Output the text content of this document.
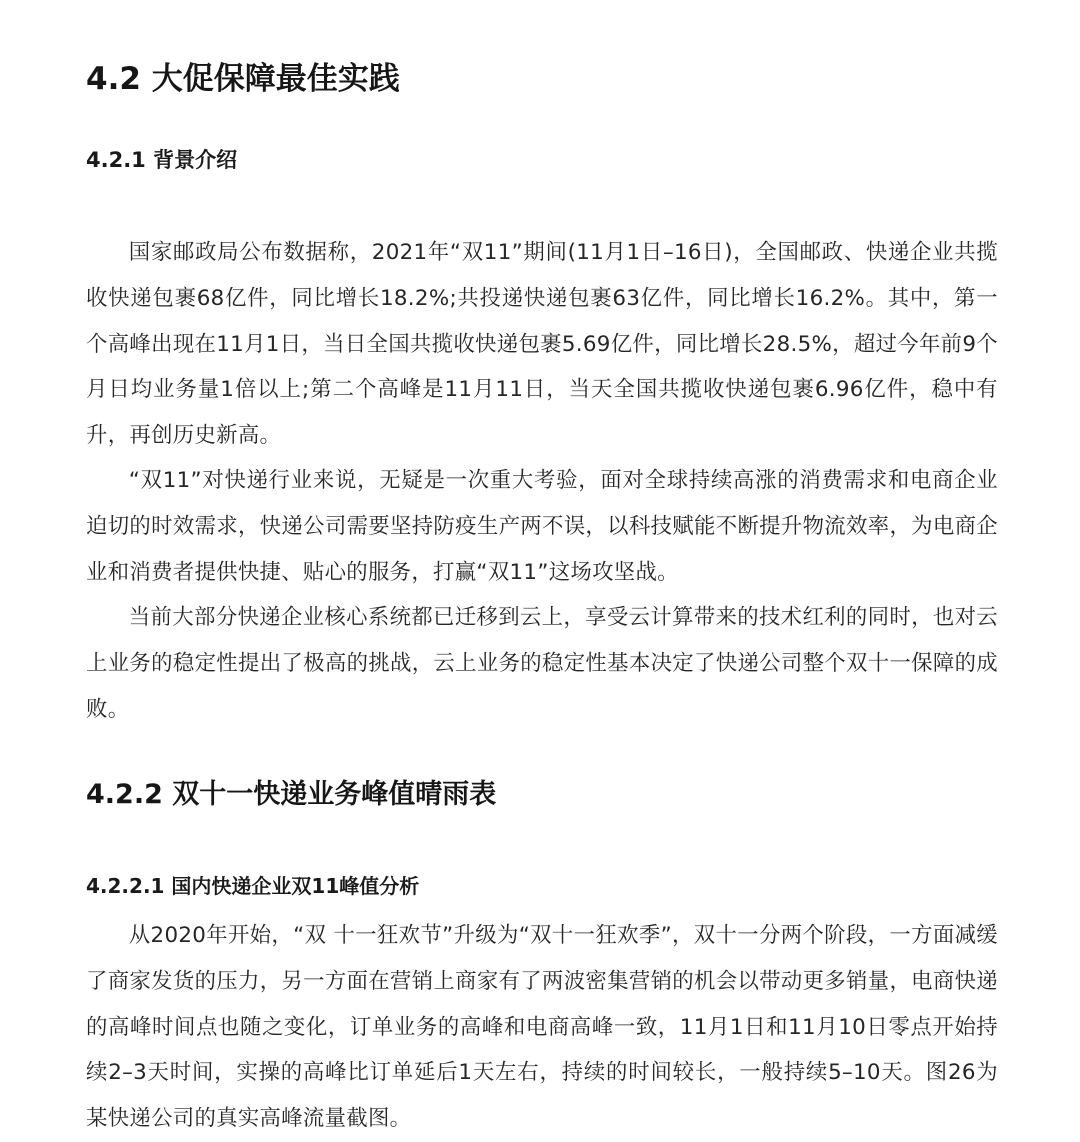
4.2 大促保障最佳实践
4.2.1 背景介绍

国家邮政局公布数据称，2021年“双11”期间(11月1日–16日)，全国邮政、快递企业共揽收快递包裹68亿件，同比增长18.2%;共投递快递包裹63亿件，同比增长16.2%。其中，第一个高峰出现在11月1日，当日全国共揽收快递包裹5.69亿件，同比增长28.5%，超过今年前9个月日均业务量1倍以上;第二个高峰是11月11日，当天全国共揽收快递包裹6.96亿件，稳中有升，再创历史新高。

“双11”对快递行业来说，无疑是一次重大考验，面对全球持续高涨的消费需求和电商企业迫切的时效需求，快递公司需要坚持防疫生产两不误，以科技赋能不断提升物流效率，为电商企业和消费者提供快捷、贴心的服务，打赢“双11”这场攻坚战。

当前大部分快递企业核心系统都已迁移到云上，享受云计算带来的技术红利的同时，也对云上业务的稳定性提出了极高的挑战，云上业务的稳定性基本决定了快递公司整个双十一保障的成败。

4.2.2 双十一快递业务峰值晴雨表
4.2.2.1 国内快递企业双11峰值分析

从2020年开始，“双 十一狂欢节”升级为“双十一狂欢季”，双十一分两个阶段，一方面减缓了商家发货的压力，另一方面在营销上商家有了两波密集营销的机会以带动更多销量，电商快递的高峰时间点也随之变化，订单业务的高峰和电商高峰一致，11月1日和11月10日零点开始持续2–3天时间，实操的高峰比订单延后1天左右，持续的时间较长，一般持续5–10天。图26为某快递公司的真实高峰流量截图。
